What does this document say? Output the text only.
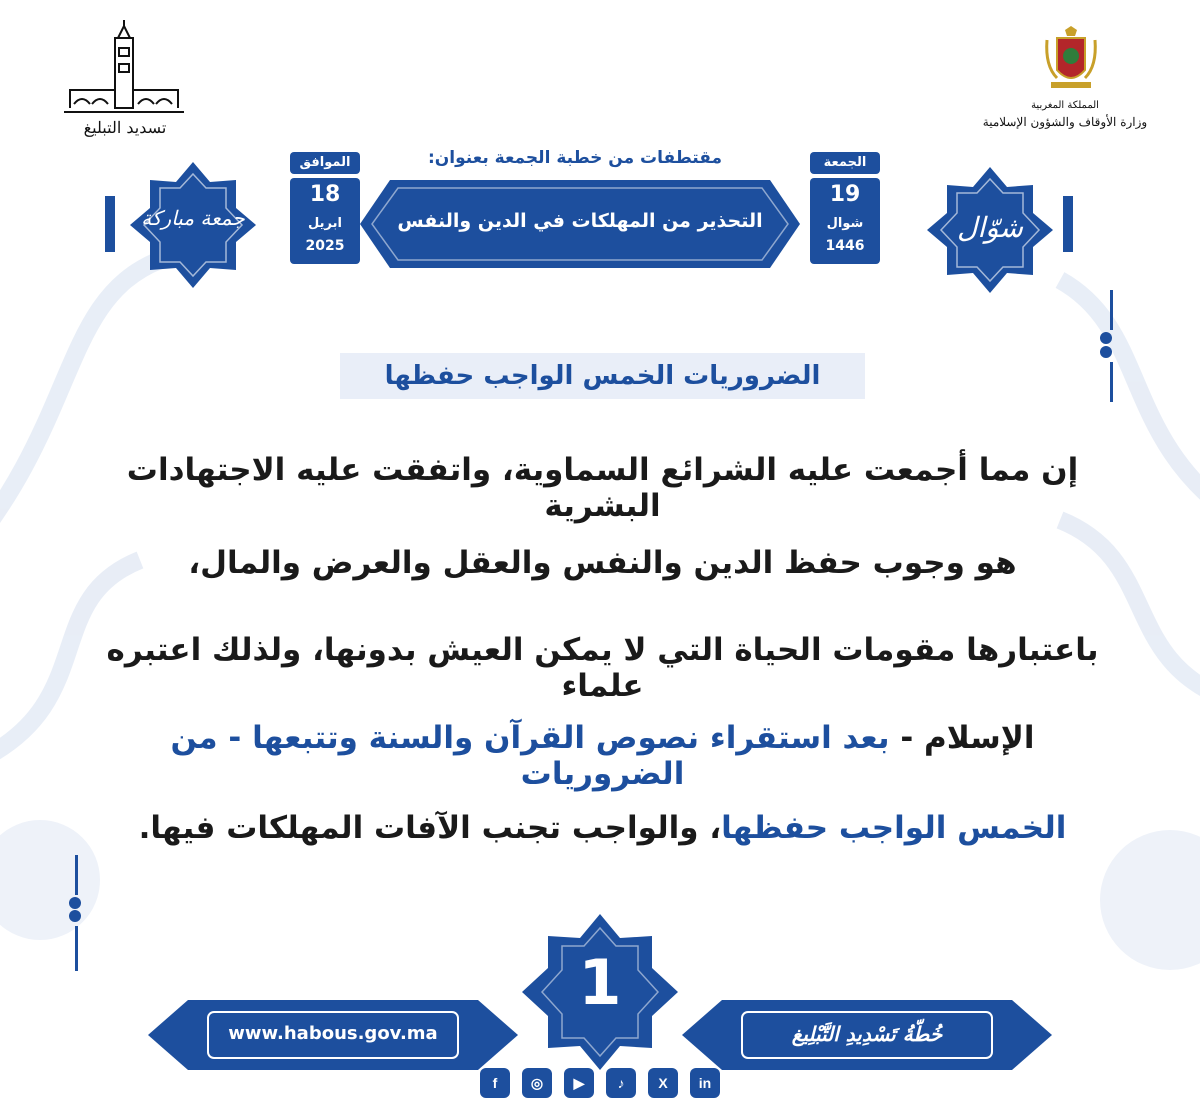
تسديد التبليغ
المملكة المغربية
وزارة الأوقاف والشؤون الإسلامية
جمعة مباركة	شوّال
الموافق
18
ابريل
2025
الجمعة
19
شوال
1446
مقتطفات من خطبة الجمعة بعنوان:
التحذير من المهلكات في الدين والنفس
الضروريات الخمس الواجب حفظها
إن مما أجمعت عليه الشرائع السماوية، واتفقت عليه الاجتهادات البشرية
هو وجوب حفظ الدين والنفس والعقل والعرض والمال،
باعتبارها مقومات الحياة التي لا يمكن العيش بدونها، ولذلك اعتبره علماء
الإسلام - بعد استقراء نصوص القرآن والسنة وتتبعها - من الضروريات
الخمس الواجب حفظها، والواجب تجنب الآفات المهلكات فيها.
www.habous.gov.ma	خُطّةُ تَسْدِيدِ التَّبْلِيغ
1
f	◎	▶	♪	X	in
